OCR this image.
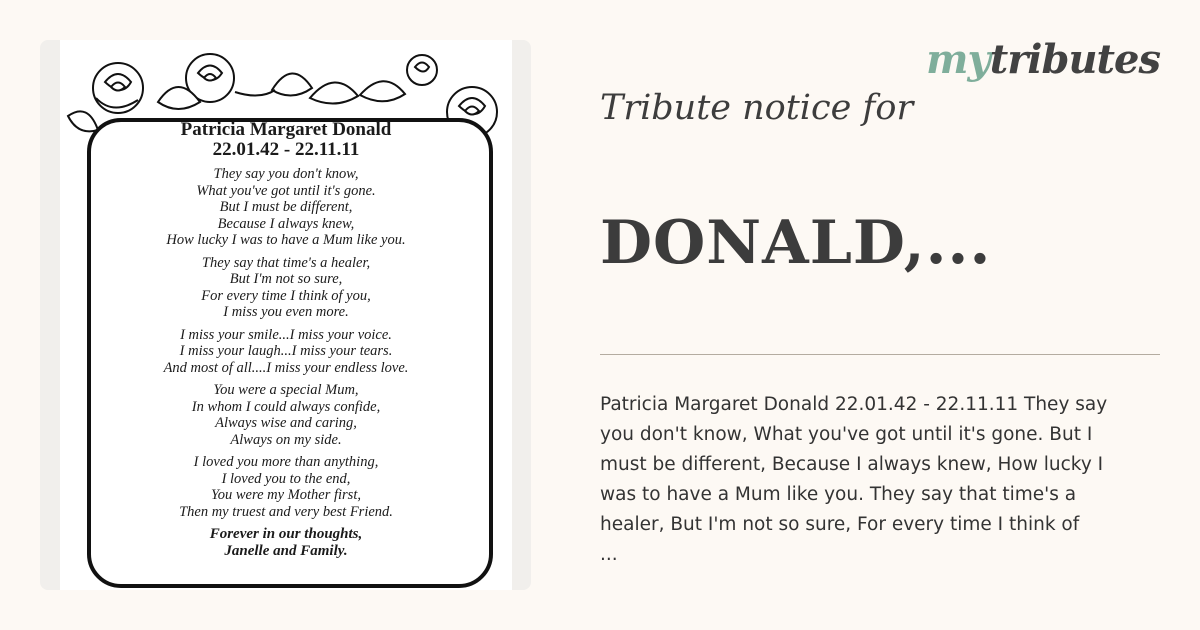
Patricia Margaret Donald
22.01.42 - 22.11.11
They say you don't know,
What you've got until it's gone.
But I must be different,
Because I always knew,
How lucky I was to have a Mum like you.
They say that time's a healer,
But I'm not so sure,
For every time I think of you,
I miss you even more.
I miss your smile...I miss your voice.
I miss your laugh...I miss your tears.
And most of all....I miss your endless love.
You were a special Mum,
In whom I could always confide,
Always wise and caring,
Always on my side.
I loved you more than anything,
I loved you to the end,
You were my Mother first,
Then my truest and very best Friend.
Forever in our thoughts,
Janelle and Family.
mytributes
Tribute notice for
DONALD,...
Patricia Margaret Donald 22.01.42 - 22.11.11 They say you don't know, What you've got until it's gone. But I must be different, Because I always knew, How lucky I was to have a Mum like you. They say that time's a healer, But I'm not so sure, For every time I think of
...
